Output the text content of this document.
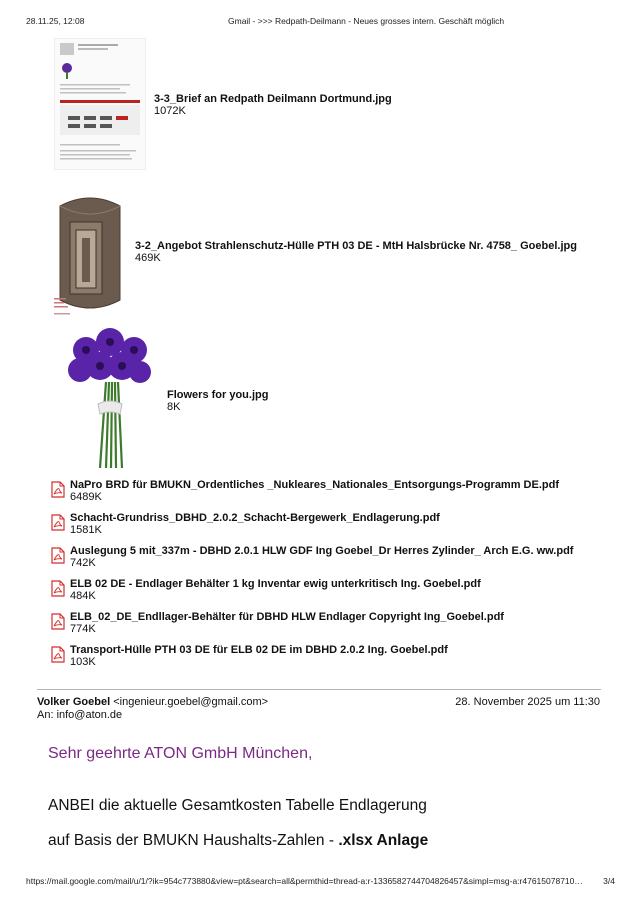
28.11.25, 12:08	Gmail - >>> Redpath-Deilmann - Neues grosses intern. Geschäft möglich
3-3_Brief an Redpath Deilmann Dortmund.jpg
1072K
3-2_Angebot Strahlenschutz-Hülle PTH 03 DE - MtH Halsbrücke Nr. 4758_ Goebel.jpg
469K
Flowers for you.jpg
8K
NaPro BRD für BMUKN_Ordentliches _Nukleares_Nationales_Entsorgungs-Programm DE.pdf
6489K
Schacht-Grundriss_DBHD_2.0.2_Schacht-Bergewerk_Endlagerung.pdf
1581K
Auslegung 5 mit_337m - DBHD 2.0.1 HLW GDF Ing Goebel_Dr Herres Zylinder_ Arch E.G. ww.pdf
742K
ELB 02 DE - Endlager Behälter 1 kg Inventar ewig unterkritisch Ing. Goebel.pdf
484K
ELB_02_DE_Endllager-Behälter für DBHD HLW Endlager Copyright Ing_Goebel.pdf
774K
Transport-Hülle PTH 03 DE für ELB 02 DE im DBHD 2.0.2 Ing. Goebel.pdf
103K
Volker Goebel <ingenieur.goebel@gmail.com>
An: info@aton.de
28. November 2025 um 11:30
Sehr geehrte ATON GmbH München,
ANBEI die aktuelle Gesamtkosten Tabelle Endlagerung
auf Basis der BMUKN Haushalts-Zahlen - .xlsx Anlage
https://mail.google.com/mail/u/1/?ik=954c773880&view=pt&search=all&permthid=thread-a:r-1336582744704826457&simpl=msg-a:r47615078710…	3/4
